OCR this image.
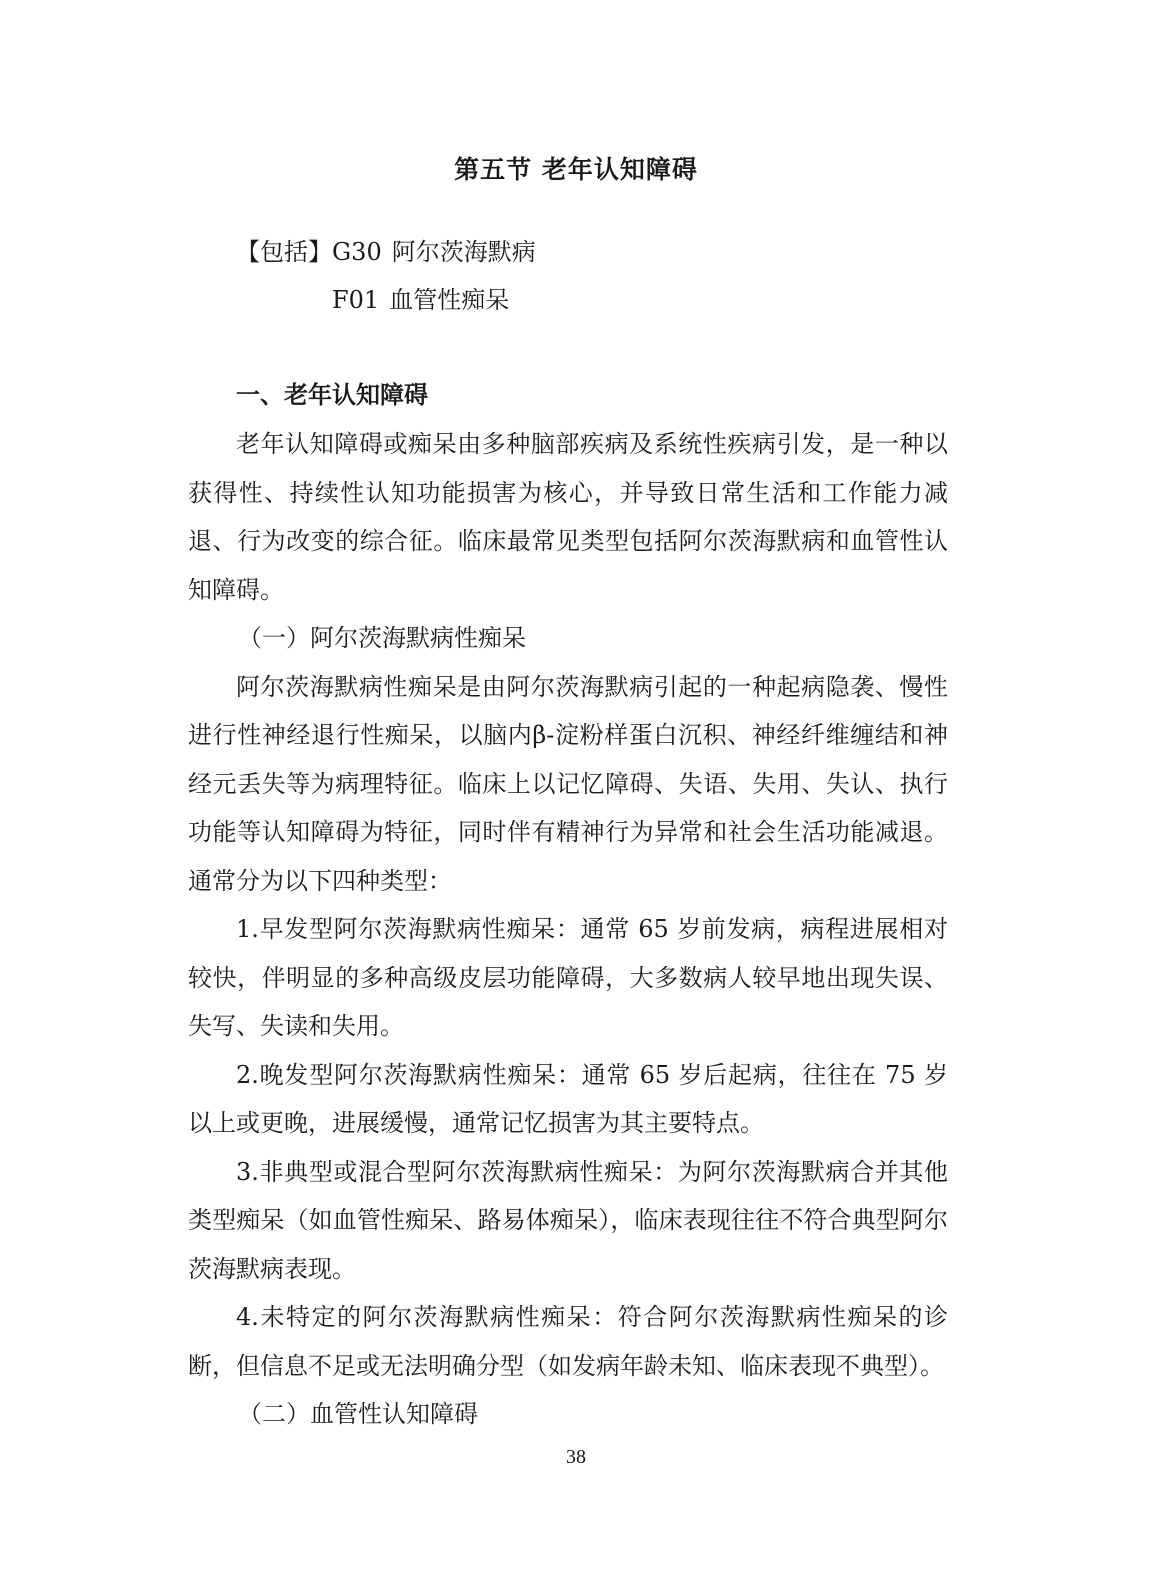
第五节 老年认知障碍
【包括】G30 阿尔茨海默病
F01 血管性痴呆

一、老年认知障碍

老年认知障碍或痴呆由多种脑部疾病及系统性疾病引发，是一种以获得性、持续性认知功能损害为核心，并导致日常生活和工作能力减退、行为改变的综合征。临床最常见类型包括阿尔茨海默病和血管性认知障碍。

（一）阿尔茨海默病性痴呆

阿尔茨海默病性痴呆是由阿尔茨海默病引起的一种起病隐袭、慢性进行性神经退行性痴呆，以脑内β-淀粉样蛋白沉积、神经纤维缠结和神经元丢失等为病理特征。临床上以记忆障碍、失语、失用、失认、执行功能等认知障碍为特征，同时伴有精神行为异常和社会生活功能减退。通常分为以下四种类型：

1.早发型阿尔茨海默病性痴呆：通常 65 岁前发病，病程进展相对较快，伴明显的多种高级皮层功能障碍，大多数病人较早地出现失误、失写、失读和失用。

2.晚发型阿尔茨海默病性痴呆：通常 65 岁后起病，往往在 75 岁以上或更晚，进展缓慢，通常记忆损害为其主要特点。

3.非典型或混合型阿尔茨海默病性痴呆：为阿尔茨海默病合并其他类型痴呆（如血管性痴呆、路易体痴呆），临床表现往往不符合典型阿尔茨海默病表现。

4.未特定的阿尔茨海默病性痴呆：符合阿尔茨海默病性痴呆的诊断，但信息不足或无法明确分型（如发病年龄未知、临床表现不典型）。

（二）血管性认知障碍

38
